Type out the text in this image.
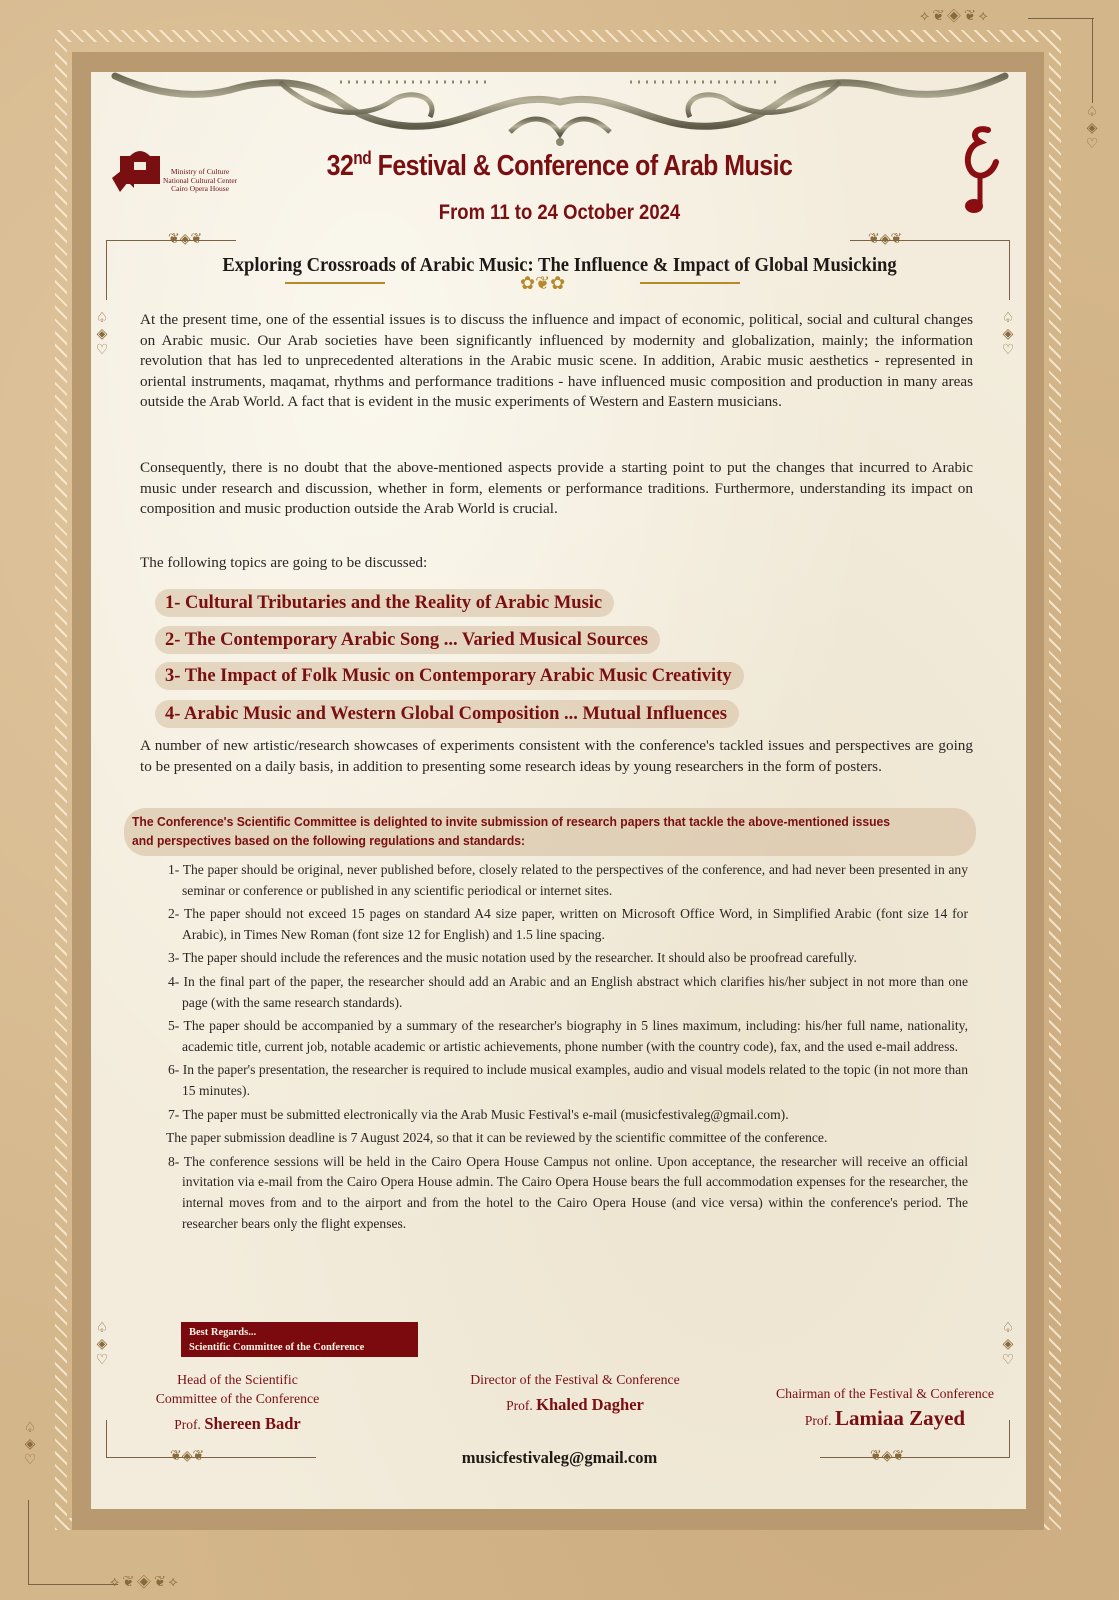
⟡ ❦ ◈ ❦ ⟡
♤◈♡
⟡ ❦ ◈ ❦ ⟡
♤◈♡
Ministry of Culture
National Cultural Center
Cairo Opera House
32nd Festival & Conference of Arab Music
From 11 to 24 October 2024
❦◈❦	❦◈❦
Exploring Crossroads of Arabic Music: The Influence & Impact of Global Musicking
✿❦✿
♤◈♡	♤◈♡
♤◈♡	♤◈♡
At the present time, one of the essential issues is to discuss the influence and impact of economic, political, social and cultural changes on Arabic music. Our Arab societies have been significantly influenced by modernity and globalization, mainly; the information revolution that has led to unprecedented alterations in the Arabic music scene. In addition, Arabic music aesthetics - represented in oriental instruments, maqamat, rhythms and performance traditions - have influenced music composition and production in many areas outside the Arab World. A fact that is evident in the music experiments of Western and Eastern musicians.
Consequently, there is no doubt that the above-mentioned aspects provide a starting point to put the changes that incurred to Arabic music under research and discussion, whether in form, elements or performance traditions. Furthermore, understanding its impact on composition and music production outside the Arab World is crucial.
The following topics are going to be discussed:
1- Cultural Tributaries and the Reality of Arabic Music
2- The Contemporary Arabic Song ... Varied Musical Sources
3- The Impact of Folk Music on Contemporary Arabic Music Creativity
4- Arabic Music and Western Global Composition ... Mutual Influences
A number of new artistic/research showcases of experiments consistent with the conference's tackled issues and perspectives are going to be presented on a daily basis, in addition to presenting some research ideas by young researchers in the form of posters.
The Conference's Scientific Committee is delighted to invite submission of research papers that tackle the above-mentioned issues and perspectives based on the following regulations and standards:
1- The paper should be original, never published before, closely related to the perspectives of the conference, and had never been presented in any seminar or conference or published in any scientific periodical or internet sites.
2- The paper should not exceed 15 pages on standard A4 size paper, written on Microsoft Office Word, in Simplified Arabic (font size 14 for Arabic), in Times New Roman (font size 12 for English) and 1.5 line spacing.
3- The paper should include the references and the music notation used by the researcher. It should also be proofread carefully.
4- In the final part of the paper, the researcher should add an Arabic and an English abstract which clarifies his/her subject in not more than one page (with the same research standards).
5- The paper should be accompanied by a summary of the researcher's biography in 5 lines maximum, including: his/her full name, nationality, academic title, current job, notable academic or artistic achievements, phone number (with the country code), fax, and the used e-mail address.
6- In the paper's presentation, the researcher is required to include musical examples, audio and visual models related to the topic (in not more than 15 minutes).
7- The paper must be submitted electronically via the Arab Music Festival's e-mail (musicfestivaleg@gmail.com).
The paper submission deadline is 7 August 2024, so that it can be reviewed by the scientific committee of the conference.
8- The conference sessions will be held in the Cairo Opera House Campus not online. Upon acceptance, the researcher will receive an official invitation via e-mail from the Cairo Opera House admin. The Cairo Opera House bears the full accommodation expenses for the researcher, the internal moves from and to the airport and from the hotel to the Cairo Opera House (and vice versa) within the conference's period. The researcher bears only the flight expenses.
Best Regards...
Scientific Committee of the Conference
Head of the Scientific
Committee of the Conference
Prof. Shereen Badr
Director of the Festival & Conference
Prof. Khaled Dagher
Chairman of the Festival & Conference
Prof. Lamiaa Zayed
❦◈❦	❦◈❦
musicfestivaleg@gmail.com
